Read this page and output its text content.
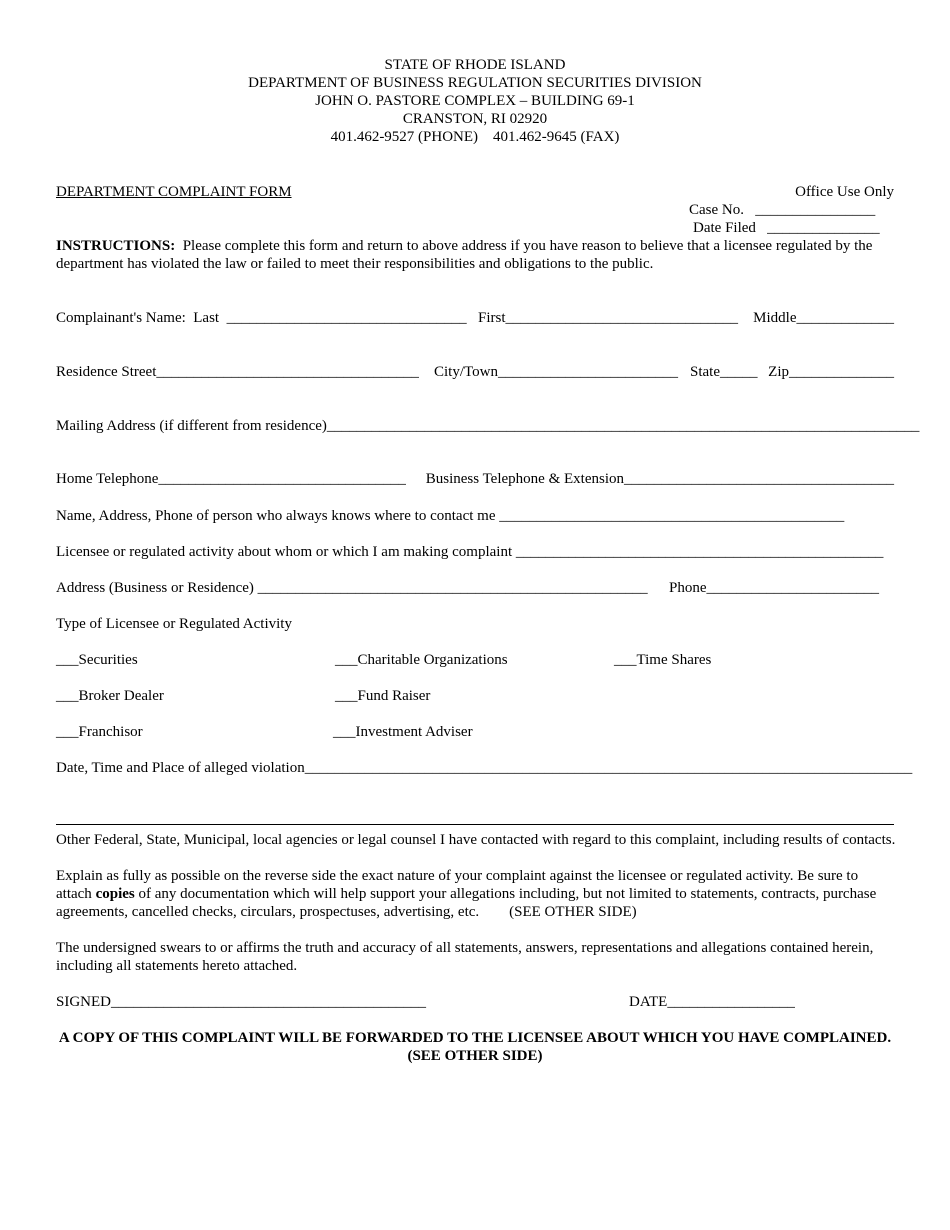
STATE OF RHODE ISLAND
DEPARTMENT OF BUSINESS REGULATION SECURITIES DIVISION
JOHN O. PASTORE COMPLEX – BUILDING 69-1
CRANSTON, RI 02920
401.462-9527 (PHONE)    401.462-9645 (FAX)
DEPARTMENT COMPLAINT FORM	Office Use Only
Case No.   ________________
Date Filed   _______________
INSTRUCTIONS:  Please complete this form and return to above address if you have reason to believe that a licensee regulated by the department has violated the law or failed to meet their responsibilities and obligations to the public.
Complainant's Name:  Last  ________________________________ First_______________________________ Middle_____________
Residence Street___________________________________ City/Town________________________ State_____ Zip______________
Mailing Address (if different from residence)_______________________________________________________________________________
Home Telephone_________________________________ Business Telephone & Extension____________________________________
Name, Address, Phone of person who always knows where to contact me ______________________________________________
Licensee or regulated activity about whom or which I am making complaint _________________________________________________
Address (Business or Residence) ____________________________________________________ Phone_______________________
Type of Licensee or Regulated Activity
___Securities	___Charitable Organizations	___Time Shares
___Broker Dealer	___Fund Raiser
___Franchisor	___Investment Adviser
Date, Time and Place of alleged violation_________________________________________________________________________________
Other Federal, State, Municipal, local agencies or legal counsel I have contacted with regard to this complaint, including results of contacts.
Explain as fully as possible on the reverse side the exact nature of your complaint against the licensee or regulated activity. Be sure to attach copies of any documentation which will help support your allegations including, but not limited to statements, contracts, purchase agreements, cancelled checks, circulars, prospectuses, advertising, etc.        (SEE OTHER SIDE)
The undersigned swears to or affirms the truth and accuracy of all statements, answers, representations and allegations contained herein, including all statements hereto attached.
SIGNED__________________________________________	DATE_________________
A COPY OF THIS COMPLAINT WILL BE FORWARDED TO THE LICENSEE ABOUT WHICH YOU HAVE COMPLAINED.
(SEE OTHER SIDE)
